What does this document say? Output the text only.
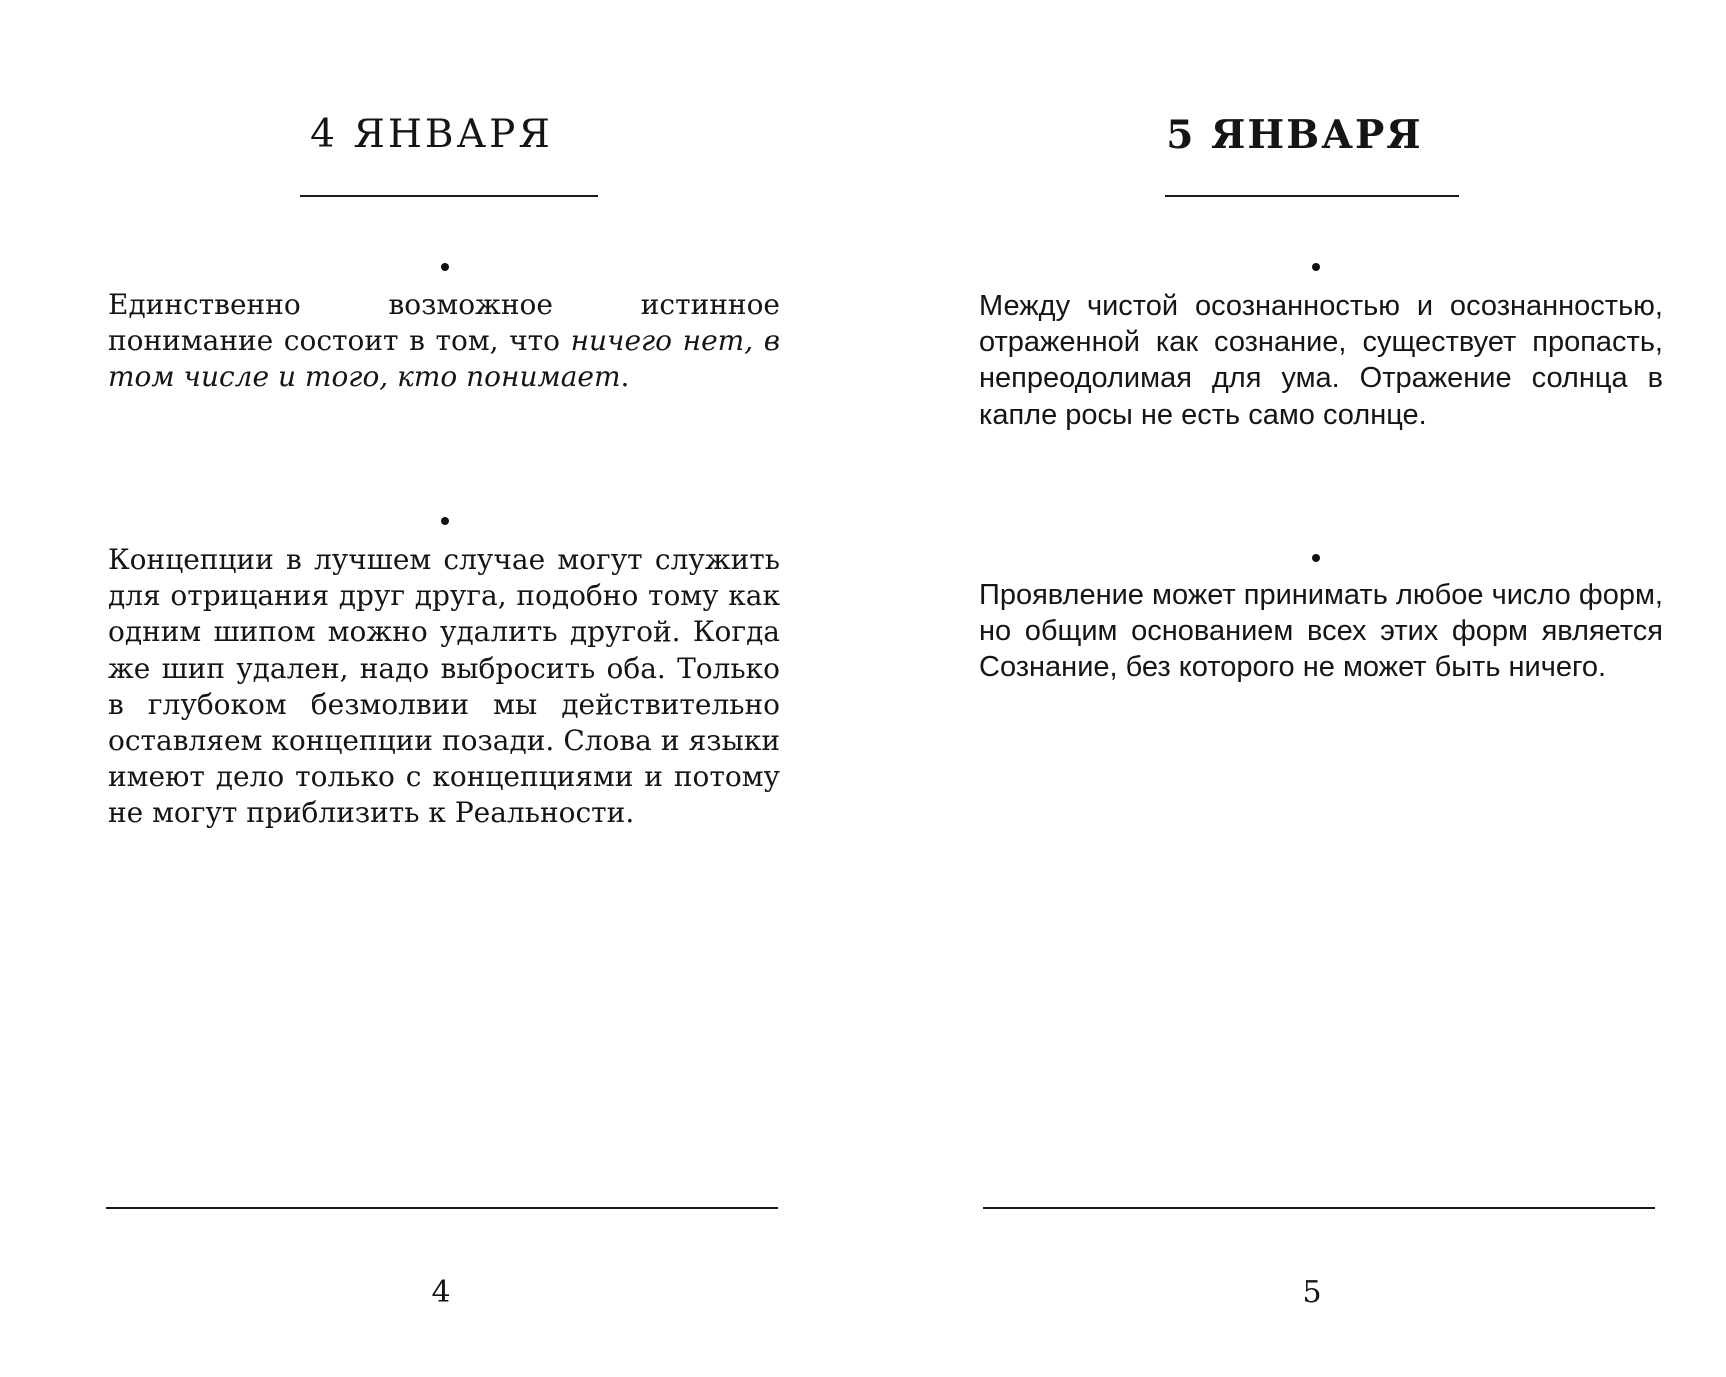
4 ЯНВАРЯ

Единственно возможное истинное понимание состоит в том, что ничего нет, в том числе и того, кто понимает.

Концепции в лучшем случае могут служить для отрицания друг друга, подобно тому как одним шипом можно удалить другой. Когда же шип удален, надо выбросить оба. Только в глубоком безмолвии мы действительно оставляем концепции позади. Слова и языки имеют дело только с концепциями и потому не могут приблизить к Реальности.

4
5 ЯНВАРЯ

Между чистой осознанностью и осознанностью, отраженной как сознание, существует пропасть, непреодолимая для ума. Отражение солнца в капле росы не есть само солнце.

Проявление может принимать любое число форм, но общим основанием всех этих форм является Сознание, без которого не может быть ничего.

5
